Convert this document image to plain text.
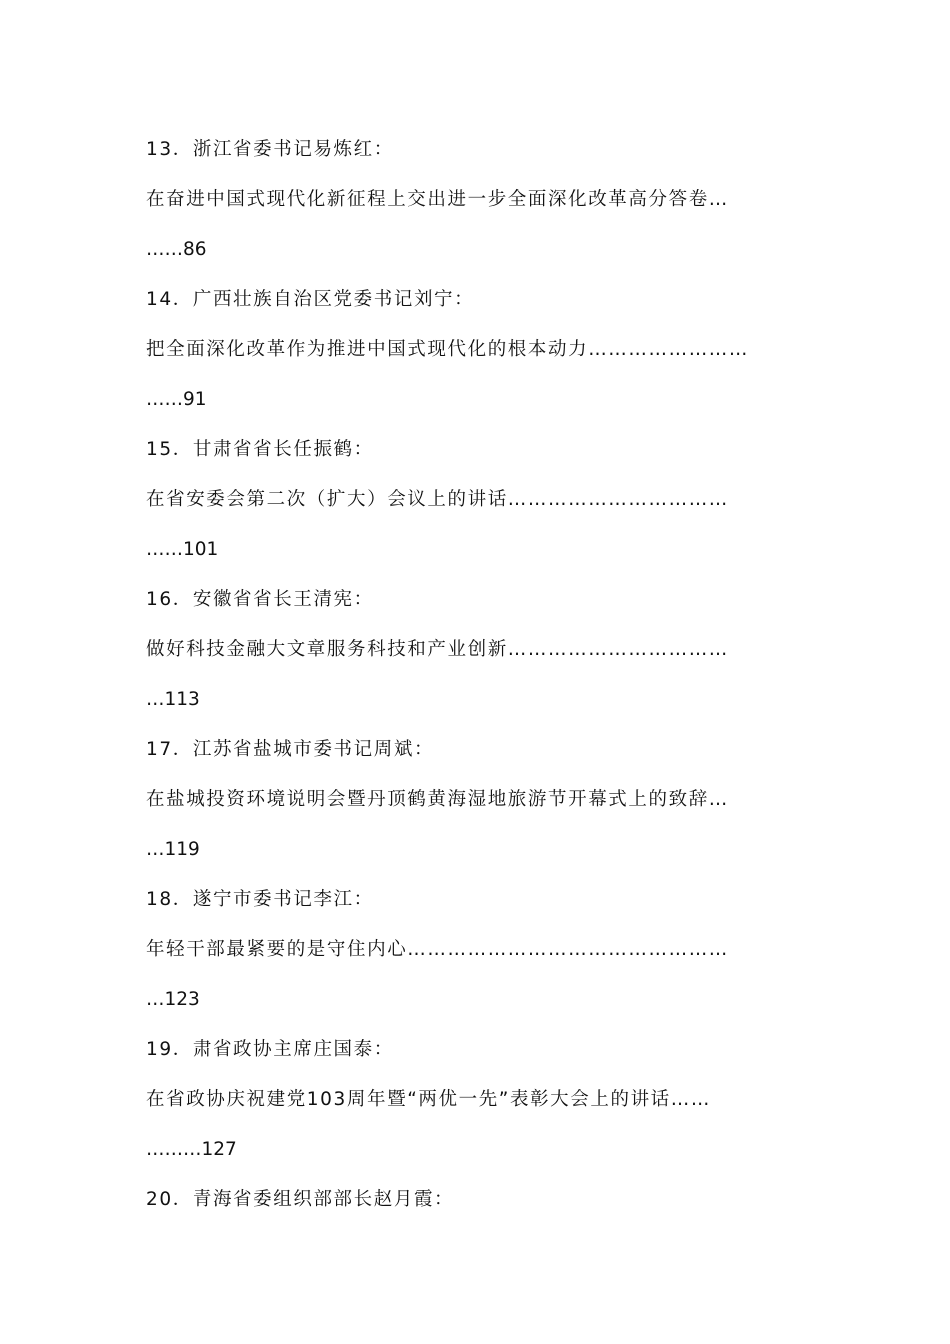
13．浙江省委书记易炼红：
在奋进中国式现代化新征程上交出进一步全面深化改革高分答卷…
……86
14．广西壮族自治区党委书记刘宁：
把全面深化改革作为推进中国式现代化的根本动力……………………
……91
15．甘肃省省长任振鹤：
在省安委会第二次（扩大）会议上的讲话……………………………
……101
16．安徽省省长王清宪：
做好科技金融大文章服务科技和产业创新……………………………
…113
17．江苏省盐城市委书记周斌：
在盐城投资环境说明会暨丹顶鹤黄海湿地旅游节开幕式上的致辞…
…119
18．遂宁市委书记李江：
年轻干部最紧要的是守住内心…………………………………………
…123
19．肃省政协主席庄国泰：
在省政协庆祝建党103周年暨“两优一先”表彰大会上的讲话……
………127
20．青海省委组织部部长赵月霞：
